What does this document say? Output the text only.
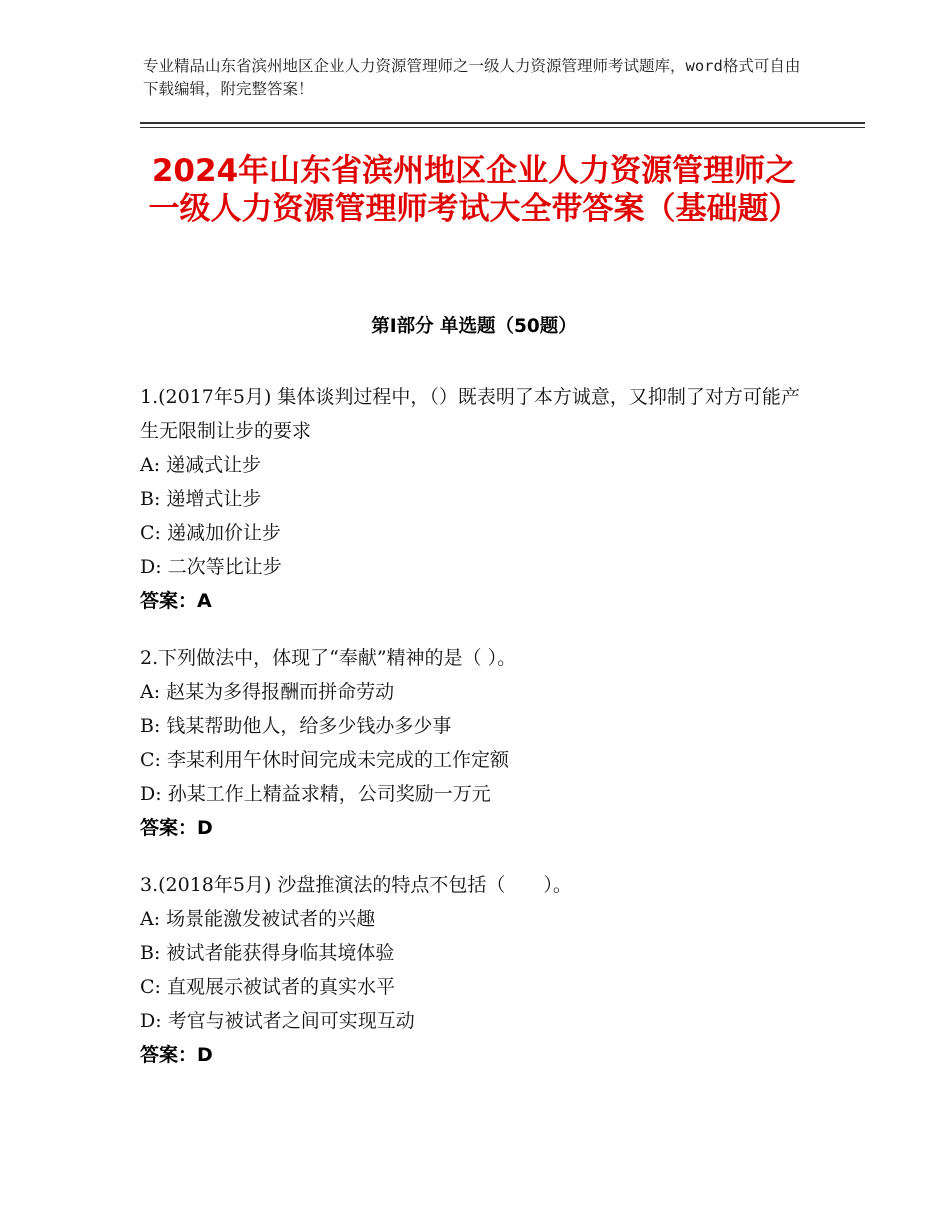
专业精品山东省滨州地区企业人力资源管理师之一级人力资源管理师考试题库，word格式可自由下载编辑，附完整答案！
2024年山东省滨州地区企业人力资源管理师之一级人力资源管理师考试大全带答案（基础题）
第Ⅰ部分 单选题（50题）
1.(2017年5月) 集体谈判过程中，（）既表明了本方诚意，又抑制了对方可能产生无限制让步的要求
A: 递减式让步
B: 递增式让步
C: 递减加价让步
D: 二次等比让步
答案：A
2.下列做法中，体现了“奉献”精神的是（ ）。
A: 赵某为多得报酬而拼命劳动
B: 钱某帮助他人，给多少钱办多少事
C: 李某利用午休时间完成未完成的工作定额
D: 孙某工作上精益求精，公司奖励一万元
答案：D
3.(2018年5月) 沙盘推演法的特点不包括（　　）。
A: 场景能激发被试者的兴趣
B: 被试者能获得身临其境体验
C: 直观展示被试者的真实水平
D: 考官与被试者之间可实现互动
答案：D
